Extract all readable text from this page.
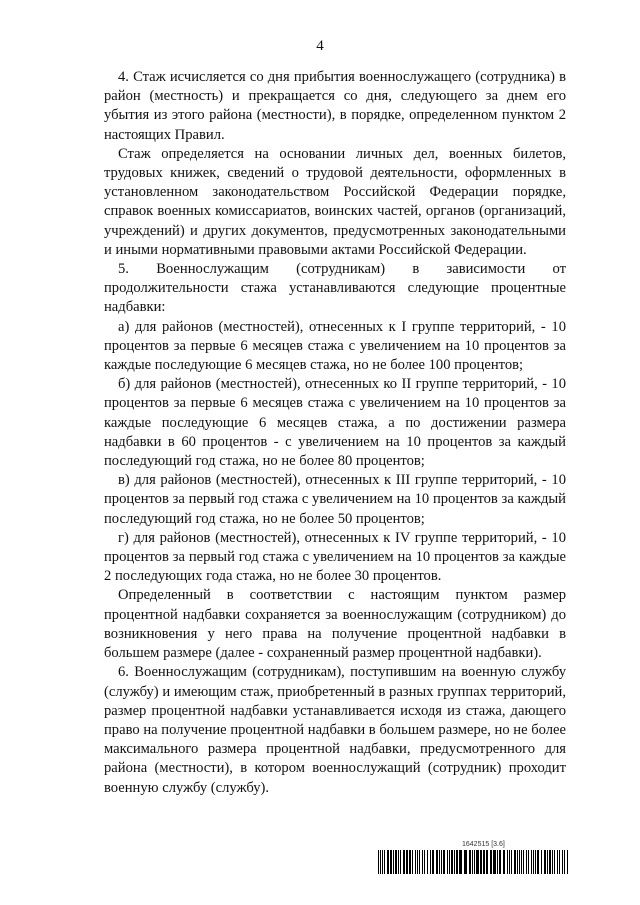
4

4. Стаж исчисляется со дня прибытия военнослужащего (сотрудника) в район (местность) и прекращается со дня, следующего за днем его убытия из этого района (местности), в порядке, определенном пунктом 2 настоящих Правил.

Стаж определяется на основании личных дел, военных билетов, трудовых книжек, сведений о трудовой деятельности, оформленных в установленном законодательством Российской Федерации порядке, справок военных комиссариатов, воинских частей, органов (организаций, учреждений) и других документов, предусмотренных законодательными и иными нормативными правовыми актами Российской Федерации.

5. Военнослужащим (сотрудникам) в зависимости от продолжительности стажа устанавливаются следующие процентные надбавки:

а) для районов (местностей), отнесенных к I группе территорий, - 10 процентов за первые 6 месяцев стажа с увеличением на 10 процентов за каждые последующие 6 месяцев стажа, но не более 100 процентов;

б) для районов (местностей), отнесенных ко II группе территорий, - 10 процентов за первые 6 месяцев стажа с увеличением на 10 процентов за каждые последующие 6 месяцев стажа, а по достижении размера надбавки в 60 процентов - с увеличением на 10 процентов за каждый последующий год стажа, но не более 80 процентов;

в) для районов (местностей), отнесенных к III группе территорий, - 10 процентов за первый год стажа с увеличением на 10 процентов за каждый последующий год стажа, но не более 50 процентов;

г) для районов (местностей), отнесенных к IV группе территорий, - 10 процентов за первый год стажа с увеличением на 10 процентов за каждые 2 последующих года стажа, но не более 30 процентов.

Определенный в соответствии с настоящим пунктом размер процентной надбавки сохраняется за военнослужащим (сотрудником) до возникновения у него права на получение процентной надбавки в большем размере (далее - сохраненный размер процентной надбавки).

6. Военнослужащим (сотрудникам), поступившим на военную службу (службу) и имеющим стаж, приобретенный в разных группах территорий, размер процентной надбавки устанавливается исходя из стажа, дающего право на получение процентной надбавки в большем размере, но не более максимального размера процентной надбавки, предусмотренного для района (местности), в котором военнослужащий (сотрудник) проходит военную службу (службу).

1642515 [3.6]
